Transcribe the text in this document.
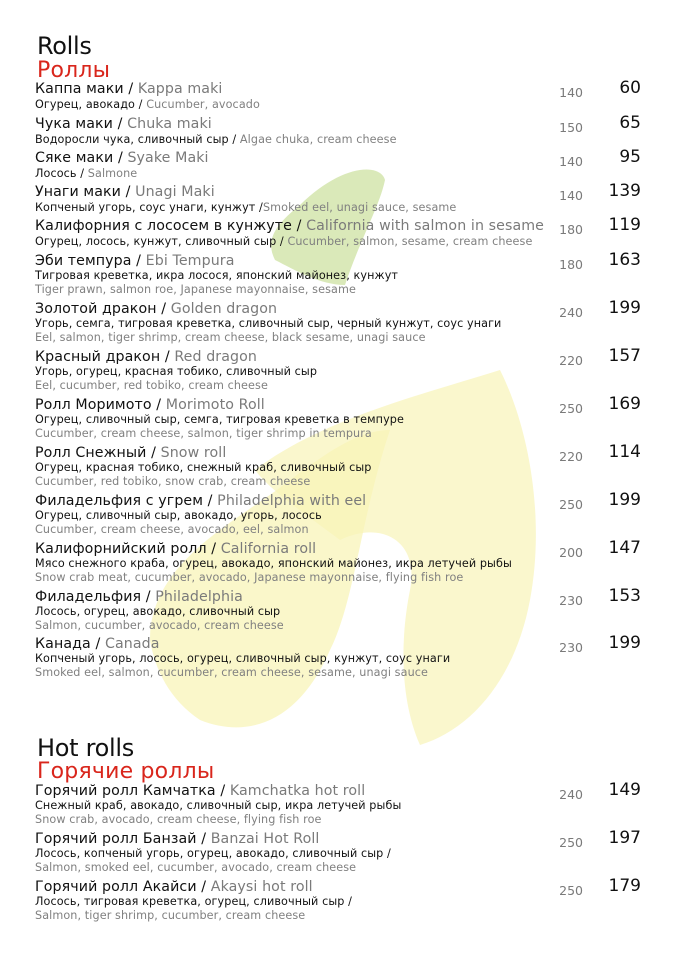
Rolls
Роллы
Каппа маки / Kappa maki
Огурец, авокадо / Cucumber, avocado
140	60
Чука маки / Chuka maki
Водоросли чука, сливочный сыр / Algae chuka, cream cheese
150	65
Сяке маки / Syake Maki
Лосось / Salmone
140	95
Унаги маки / Unagi Maki
Копченый угорь, соус унаги, кунжут /Smoked eel, unagi sauce, sesame
140	139
Калифорния с лососем в кунжуте / California with salmon in sesame
Огурец, лосось, кунжут, сливочный сыр / Cucumber, salmon, sesame, cream cheese
180	119
Эби темпура / Ebi Tempura
Тигровая креветка, икра лосося, японский майонез, кунжут
Tiger prawn, salmon roe, Japanese mayonnaise, sesame
180	163
Золотой дракон / Golden dragon
Угорь, семга, тигровая креветка, сливочный сыр, черный кунжут, соус унаги
Eel, salmon, tiger shrimp, cream cheese, black sesame, unagi sauce
240	199
Красный дракон / Red dragon
Угорь, огурец, красная тобико, сливочный сыр
Eel, cucumber, red tobiko, cream cheese
220	157
Ролл Моримото / Morimoto Roll
Огурец, сливочный сыр, семга, тигровая креветка в темпуре
Cucumber, cream cheese, salmon, tiger shrimp in tempura
250	169
Ролл Снежный / Snow roll
Огурец, красная тобико, снежный краб, сливочный сыр
Cucumber, red tobiko, snow crab, cream cheese
220	114
Филадельфия с угрем / Philadelphia with eel
Огурец, сливочный сыр, авокадо, угорь, лосось
Cucumber, cream cheese, avocado, eel, salmon
250	199
Калифорнийский ролл / California roll
Мясо снежного краба, огурец, авокадо, японский майонез, икра летучей рыбы
Snow crab meat, cucumber, avocado, Japanese mayonnaise, flying fish roe
200	147
Филадельфия / Philadelphia
Лосось, огурец, авокадо, сливочный сыр
Salmon, cucumber, avocado, cream cheese
230	153
Канада / Canada
Копченый угорь, лосось, огурец, сливочный сыр, кунжут, соус унаги
Smoked eel, salmon, cucumber, cream cheese, sesame, unagi sauce
230	199
Hot rolls
Горячие роллы
Горячий ролл Камчатка / Kamchatka hot roll
Снежный краб, авокадо, сливочный сыр, икра летучей рыбы
Snow crab, avocado, cream cheese, flying fish roe
240	149
Горячий ролл Бaнзай / Banzai Hot Roll
Лосось, копченый угорь, огурец, авокадо, сливочный сыр /
Salmon, smoked eel, cucumber, avocado, cream cheese
250	197
Горячий ролл Акайси / Akaysi hot roll
Лосось, тигровая креветка, огурец, сливочный сыр /
Salmon, tiger shrimp, cucumber, cream cheese
250	179
